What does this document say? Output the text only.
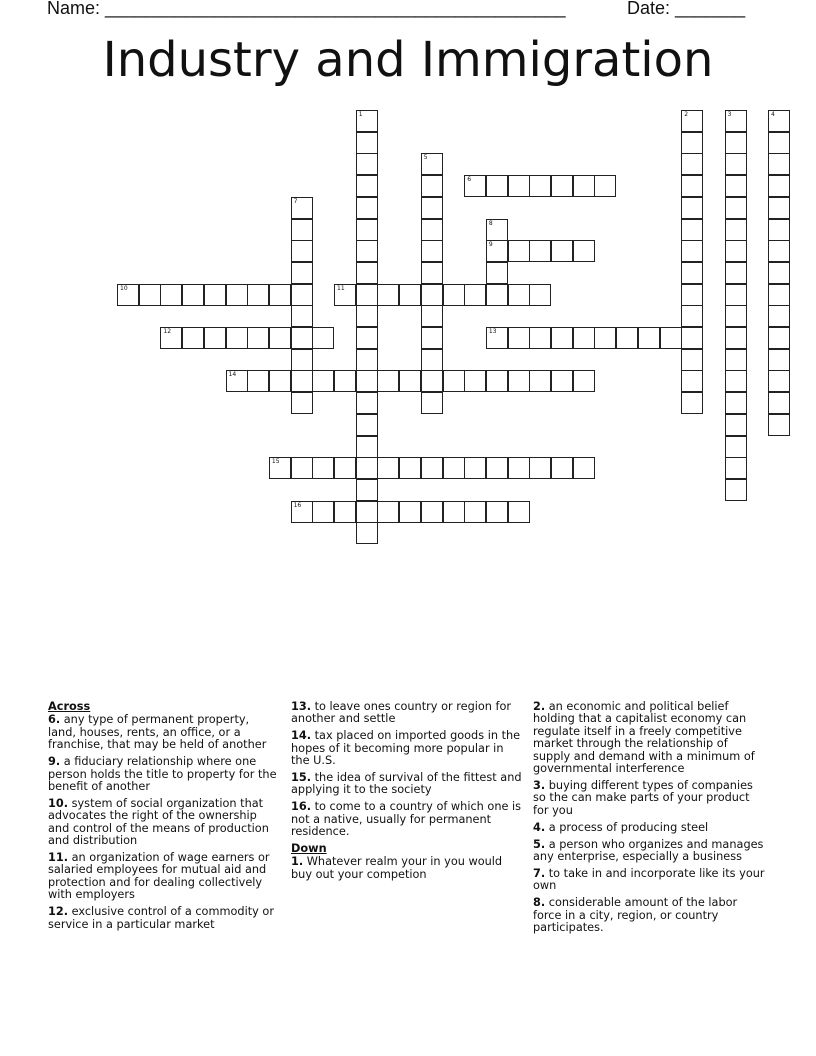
Name: ______________________________________________	Date: _______
Industry and Immigration
1	2	3	4
5
6
7
8
9
10	11
12	13
14
15
16
Across
6. any type of permanent property, land, houses, rents, an office, or a franchise, that may be held of another
9. a fiduciary relationship where one person holds the title to property for the benefit of another
10. system of social organization that advocates the right of the ownership and control of the means of production and distribution
11. an organization of wage earners or salaried employees for mutual aid and protection and for dealing collectively with employers
12. exclusive control of a commodity or service in a particular market
13. to leave ones country or region for another and settle
14. tax placed on imported goods in the hopes of it becoming more popular in the U.S.
15. the idea of survival of the fittest and applying it to the society
16. to come to a country of which one is not a native, usually for permanent residence.
Down
1. Whatever realm your in you would buy out your competion
2. an economic and political belief holding that a capitalist economy can regulate itself in a freely competitive market through the relationship of supply and demand with a minimum of governmental interference
3. buying different types of companies so the can make parts of your product for you
4. a process of producing steel
5. a person who organizes and manages any enterprise, especially a business
7. to take in and incorporate like its your own
8. considerable amount of the labor force in a city, region, or country participates.
